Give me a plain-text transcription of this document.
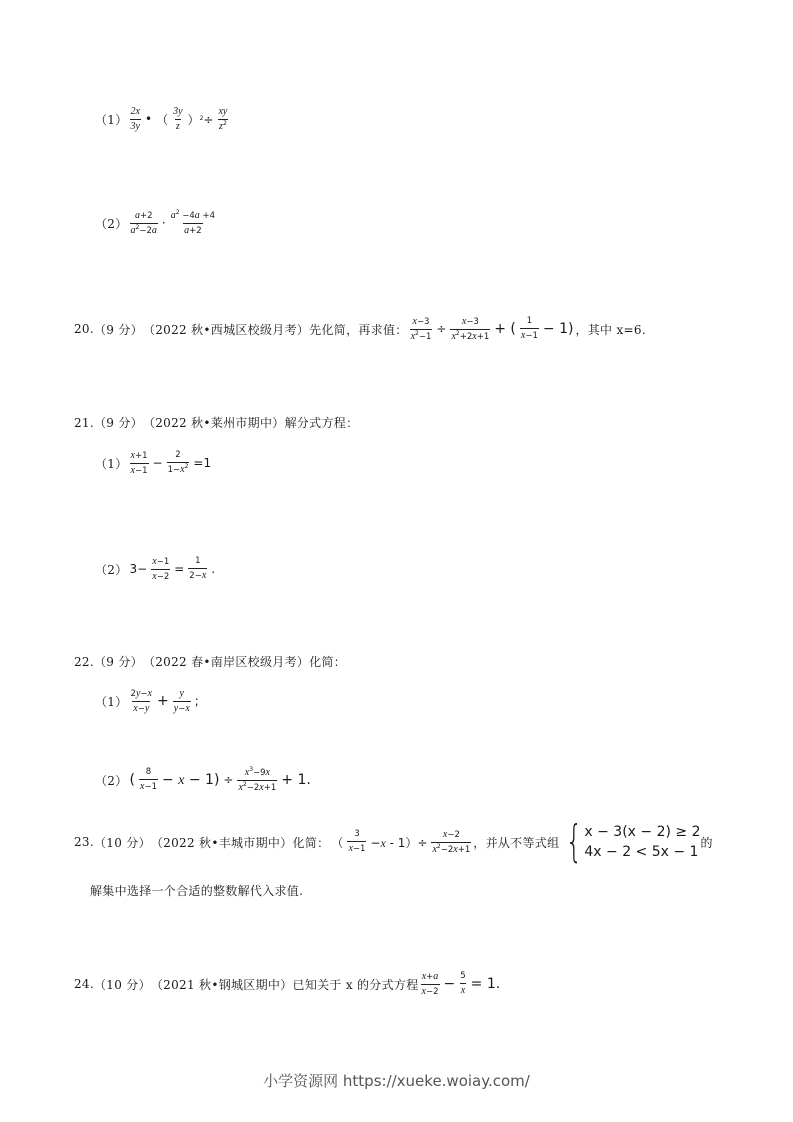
$(1) \frac{2x}{3y}$ • （ $\frac{3y}{z} )^2\div \frac{xy}{z^2}$
$(2) \frac{a+2}{a^2-2a} \cdot \frac{a^2 -4a +4}{a+2}$
20. （9 分） （2022 秋•西城区校级月考） 先化简，再求值： $\frac{x-3}{x^2-1} \div \frac{x-3}{x^2+2x+1}$ + ( $\frac{1}{x-1} - 1$) ，其中 x=6.
21. （9 分） （2022 秋•莱州市期中） 解分式方程：
$(1) \frac{x+1}{x-1} - \frac{2}{1-x^2} =1$
（2） $3- \frac{x-1}{x-2} = \frac{1}{2-x}$ .
22. （9 分） （2022 春•南岸区校级月考） 化简：
$(1) \frac{2y-x}{x-y} + \frac{y}{y-x}$ ;
（2） ( $\frac{8}{x-1} - x - 1) \div \frac{x^3-9x}{x^2-2x+1} + 1$.
23. （10 分） （2022 秋•丰城市期中） 化简： （ $\frac{3}{x-1} -x - 1)\div \frac{x-2}{x^2-2x+1}$ ，并从不等式组 { x − 3(x − 2) ≥ 2
4x − 2 < 5x − 1
的
解集中选择一个合适的整数解代入求值.
24. （10 分） （2021 秋•钢城区期中） 已知关于 x 的分式方程 $\frac{x+a}{x-2} - \frac{5}{x} = 1$.
小学资源网 https://xueke.woiay.com/
